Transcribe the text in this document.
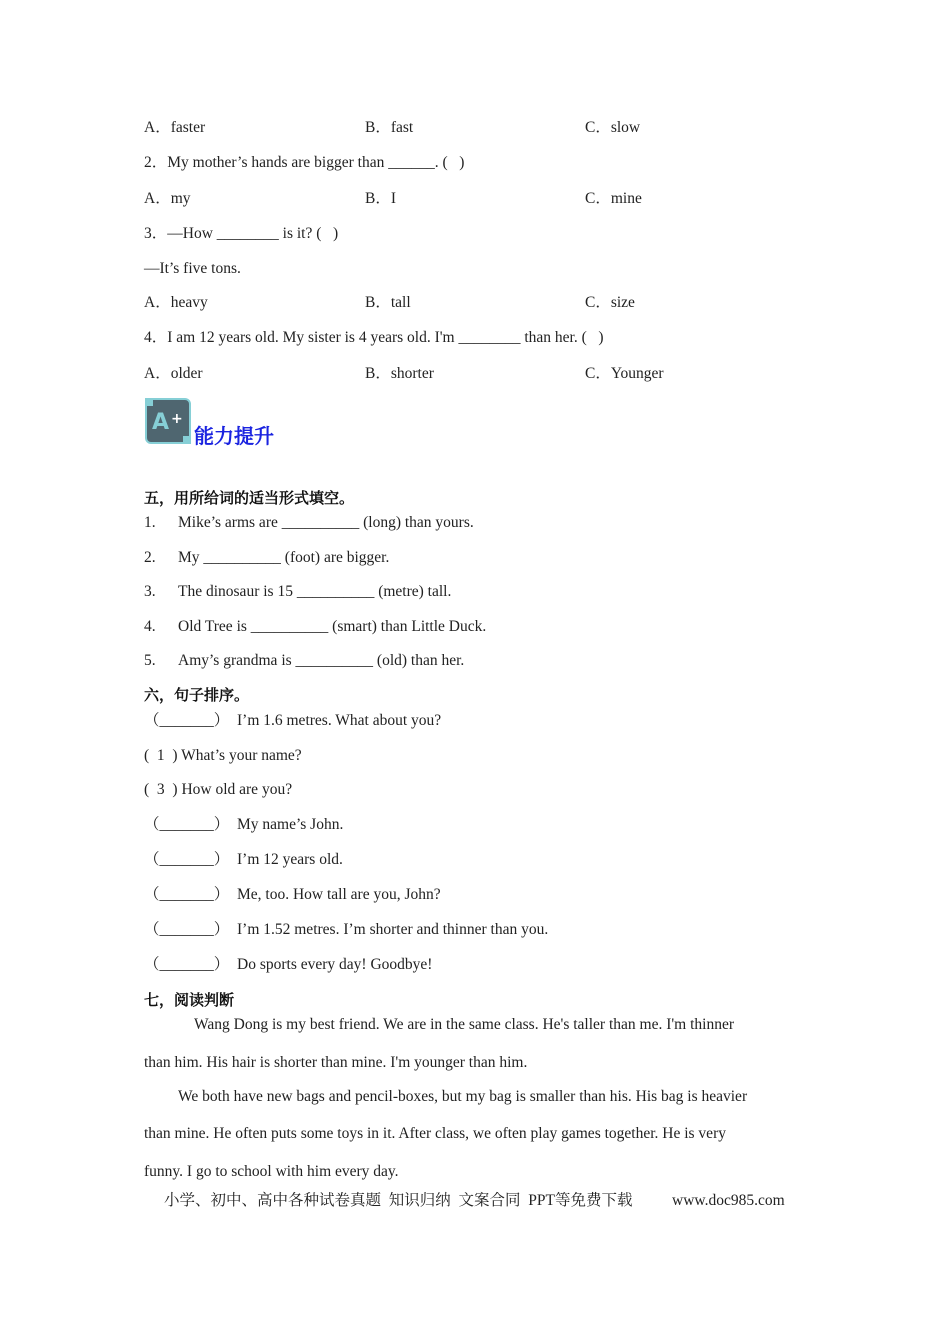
A．faster	B．fast	C．slow
2．My mother’s hands are bigger than ______. (   )
A．my	B．I	C．mine
3．—How ________ is it? (   )
—It’s five tons.
A．heavy	B．tall	C．size
4．I am 12 years old. My sister is 4 years old. I'm ________ than her. (   )
A．older	B．shorter	C．Younger
A +
能力提升
五，用所给词的适当形式填空。
1. Mike’s arms are __________ (long) than yours.
2. My __________ (foot) are bigger.
3. The dinosaur is 15 __________ (metre) tall.
4. Old Tree is __________ (smart) than Little Duck.
5. Amy’s grandma is __________ (old) than her.
六，句子排序。
（_______）  I’m 1.6 metres. What about you?
(  1  ) What’s your name?
(  3  ) How old are you?
（_______）  My name’s John.
（_______）  I’m 12 years old.
（_______）  Me, too. How tall are you, John?
（_______）  I’m 1.52 metres. I’m shorter and thinner than you.
（_______）  Do sports every day! Goodbye!
七，阅读判断
Wang Dong is my best friend. We are in the same class. He's taller than me. I'm thinner
than him. His hair is shorter than mine. I'm younger than him.
We both have new bags and pencil-boxes, but my bag is smaller than his. His bag is heavier
than mine. He often puts some toys in it. After class, we often play games together. He is very
funny. I go to school with him every day.
小学、初中、高中各种试卷真题  知识归纳  文案合同  PPT等免费下载	www.doc985.com
